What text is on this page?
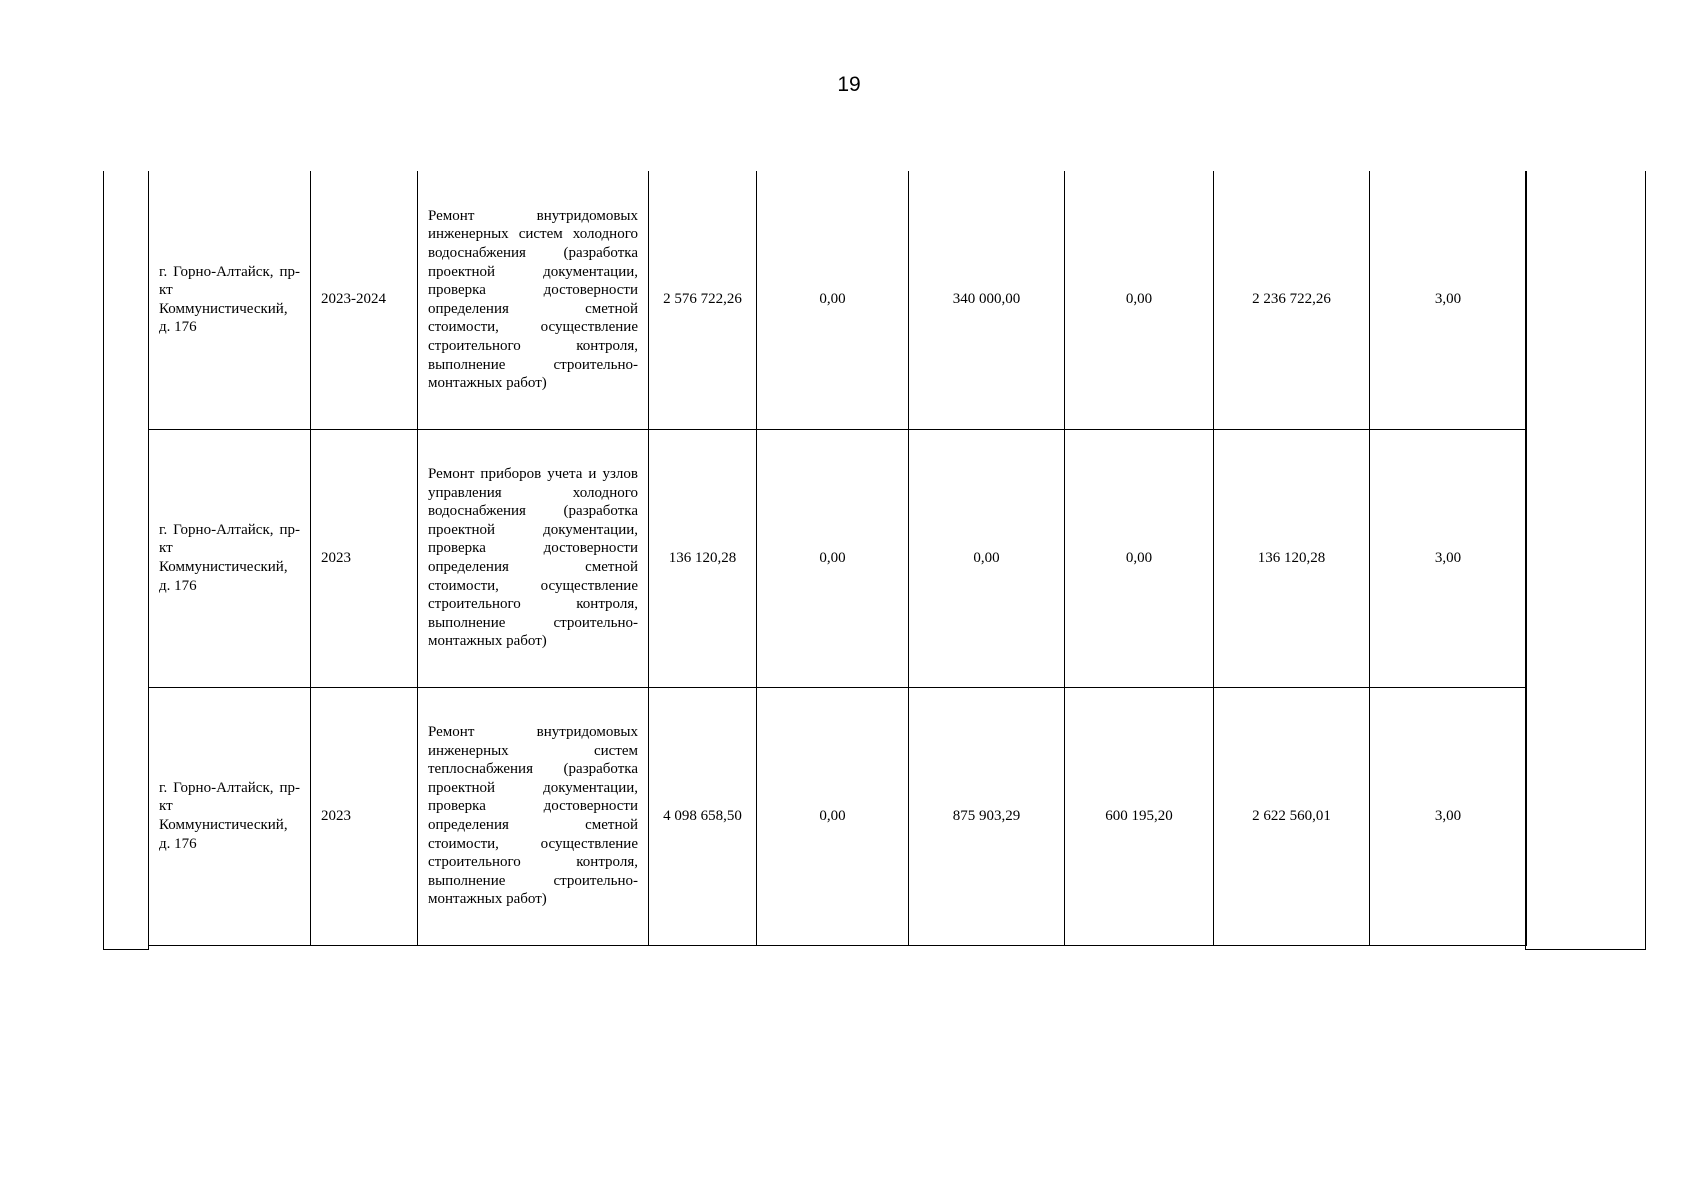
19
г. Горно-Алтайск, пр-кт Коммунистический, д. 176	2023-2024	Ремонт внутридомовых инженерных систем холодного водоснабжения (разработка проектной документации, проверка достоверности определения сметной стоимости, осуществление строительного контроля, выполнение строительно-монтажных работ)	2 576 722,26	0,00	340 000,00	0,00	2 236 722,26	3,00
г. Горно-Алтайск, пр-кт Коммунистический, д. 176	2023	Ремонт приборов учета и узлов управления холодного водоснабжения (разработка проектной документации, проверка достоверности определения сметной стоимости, осуществление строительного контроля, выполнение строительно-монтажных работ)	136 120,28	0,00	0,00	0,00	136 120,28	3,00
г. Горно-Алтайск, пр-кт Коммунистический, д. 176	2023	Ремонт внутридомовых инженерных систем теплоснабжения (разработка проектной документации, проверка достоверности определения сметной стоимости, осуществление строительного контроля, выполнение строительно-монтажных работ)	4 098 658,50	0,00	875 903,29	600 195,20	2 622 560,01	3,00
